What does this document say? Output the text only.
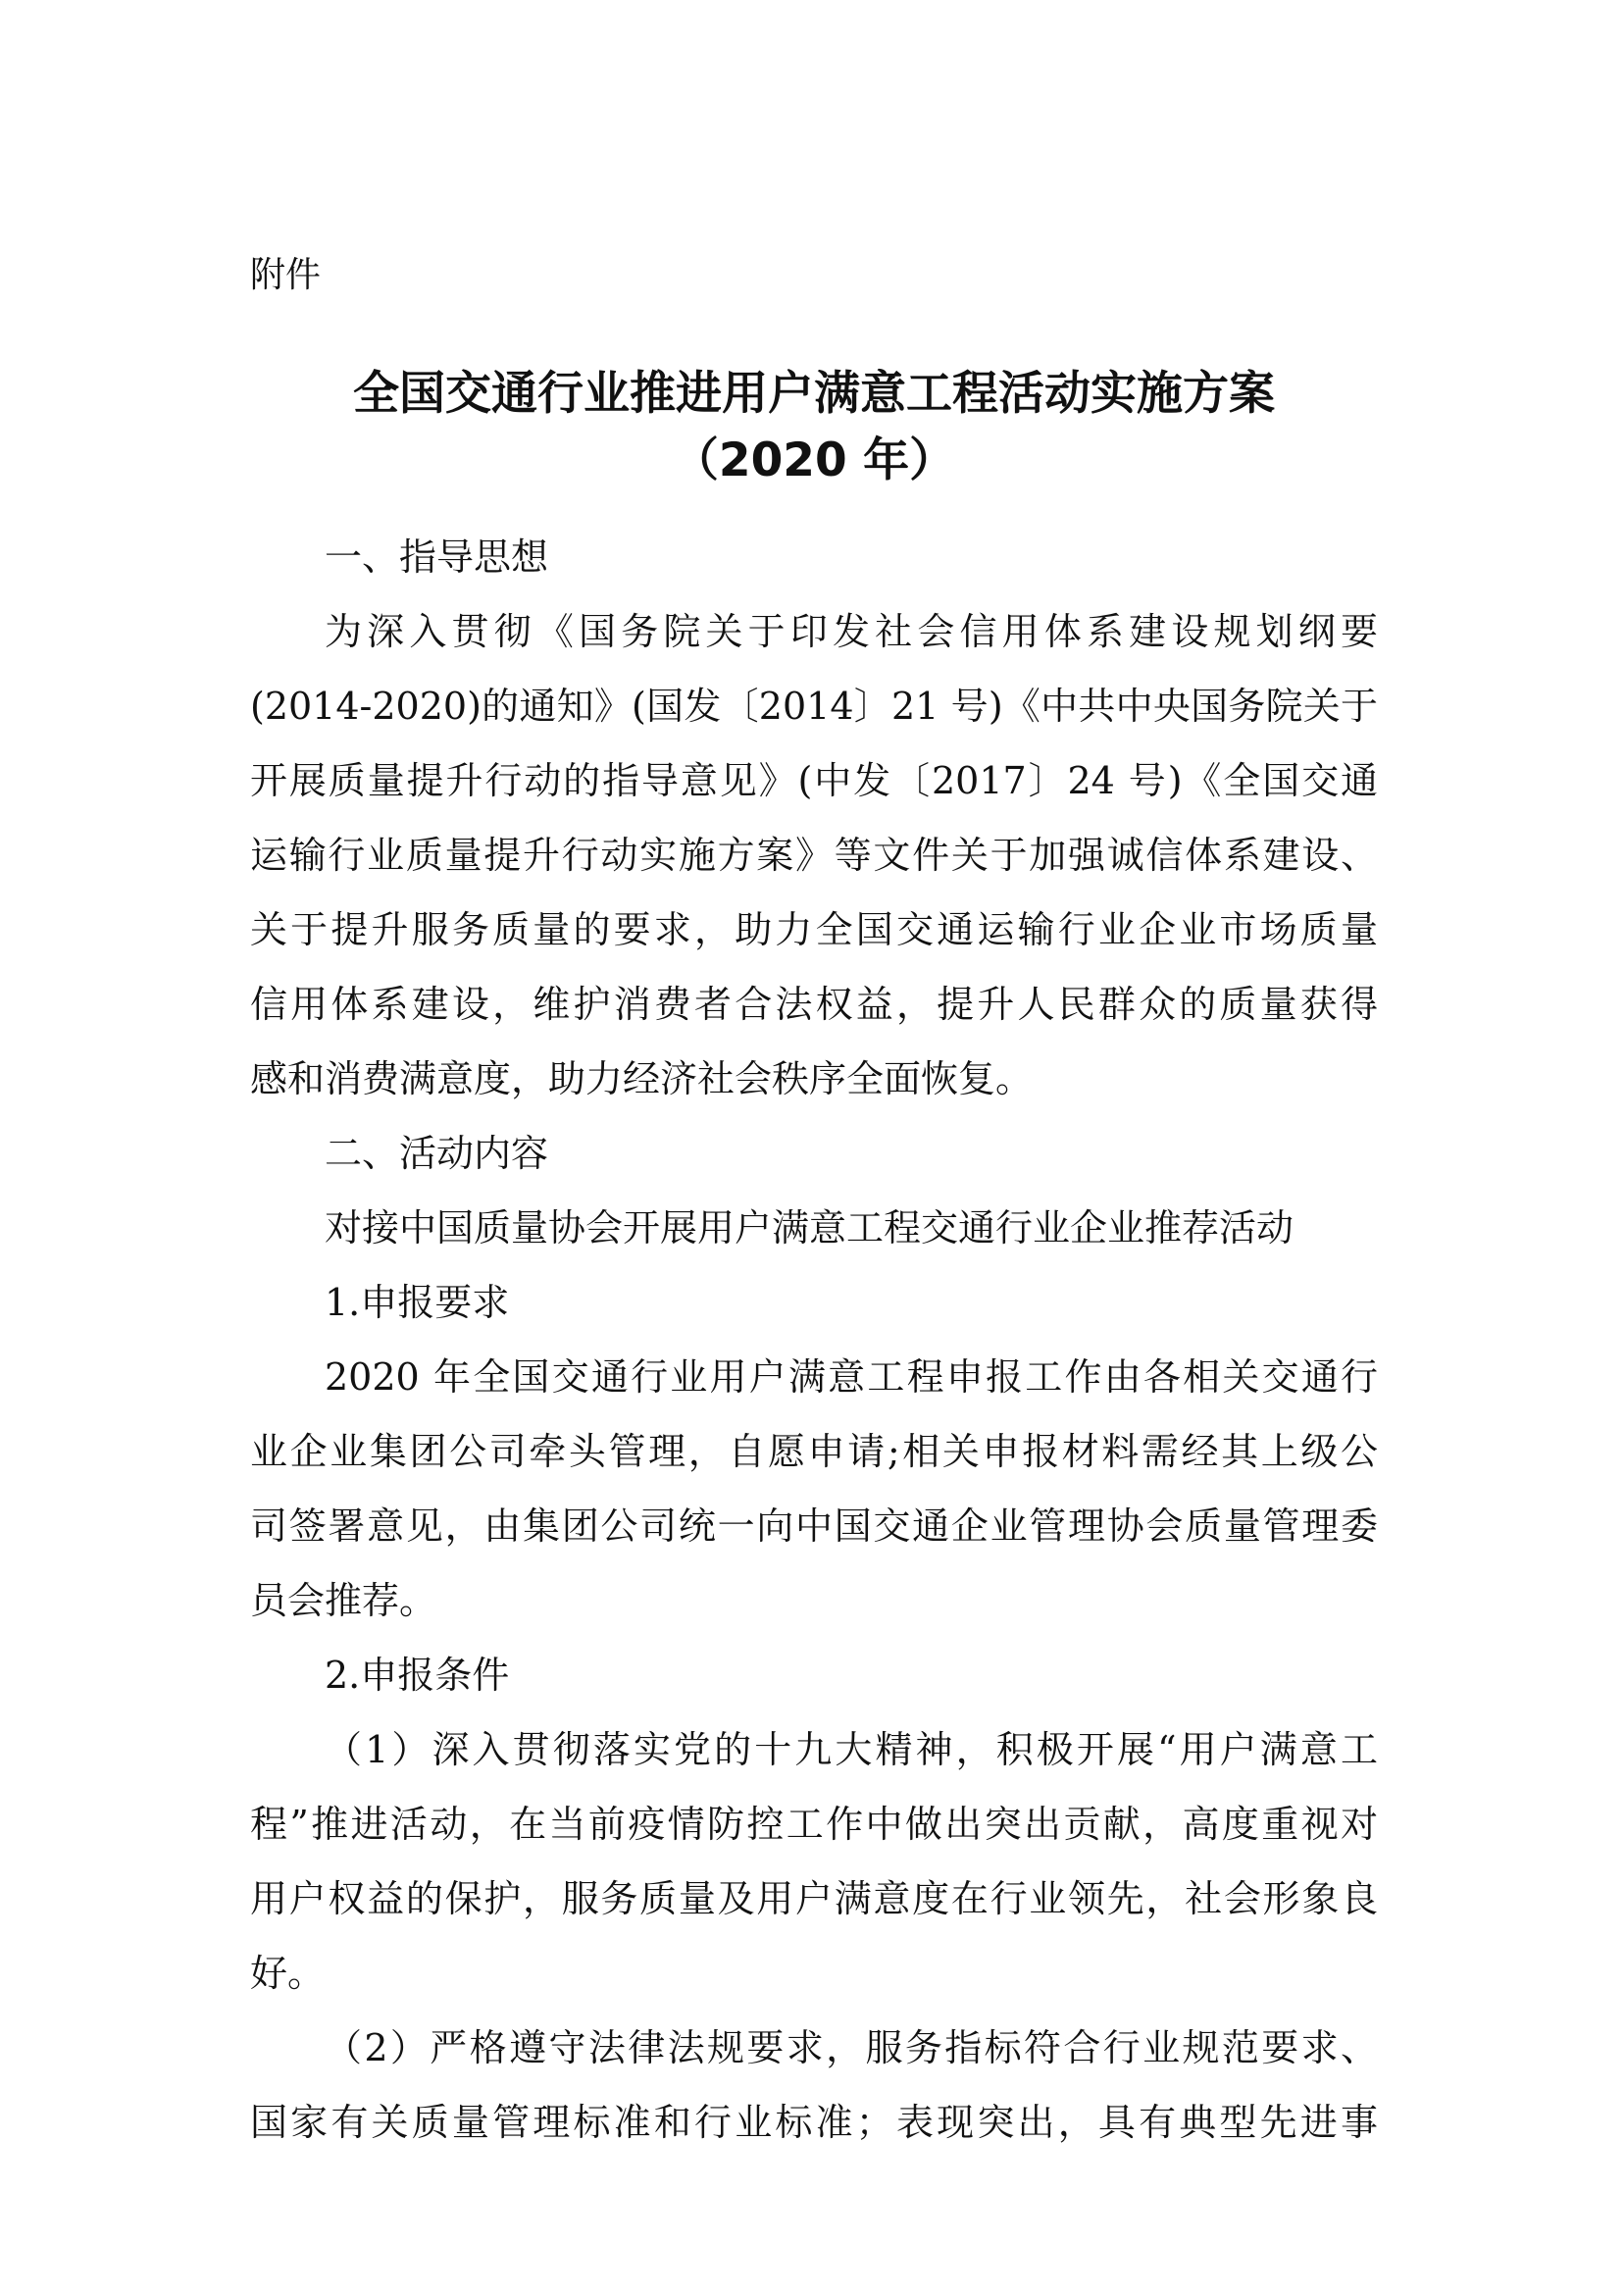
附件
全国交通行业推进用户满意工程活动实施方案
（2020 年）
一、指导思想
为深入贯彻《国务院关于印发社会信用体系建设规划纲要
(2014-2020)的通知》(国发〔2014〕21 号)《中共中央国务院关于
开展质量提升行动的指导意见》(中发〔2017〕24 号)《全国交通
运输行业质量提升行动实施方案》等文件关于加强诚信体系建设、
关于提升服务质量的要求，助力全国交通运输行业企业市场质量
信用体系建设，维护消费者合法权益，提升人民群众的质量获得
感和消费满意度，助力经济社会秩序全面恢复。
二、活动内容
对接中国质量协会开展用户满意工程交通行业企业推荐活动
1.申报要求
2020 年全国交通行业用户满意工程申报工作由各相关交通行
业企业集团公司牵头管理，自愿申请;相关申报材料需经其上级公
司签署意见，由集团公司统一向中国交通企业管理协会质量管理委
员会推荐。
2.申报条件
（1）深入贯彻落实党的十九大精神，积极开展“用户满意工
程”推进活动，在当前疫情防控工作中做出突出贡献，高度重视对
用户权益的保护，服务质量及用户满意度在行业领先，社会形象良
好。
（2）严格遵守法律法规要求，服务指标符合行业规范要求、
国家有关质量管理标准和行业标准；表现突出，具有典型先进事
